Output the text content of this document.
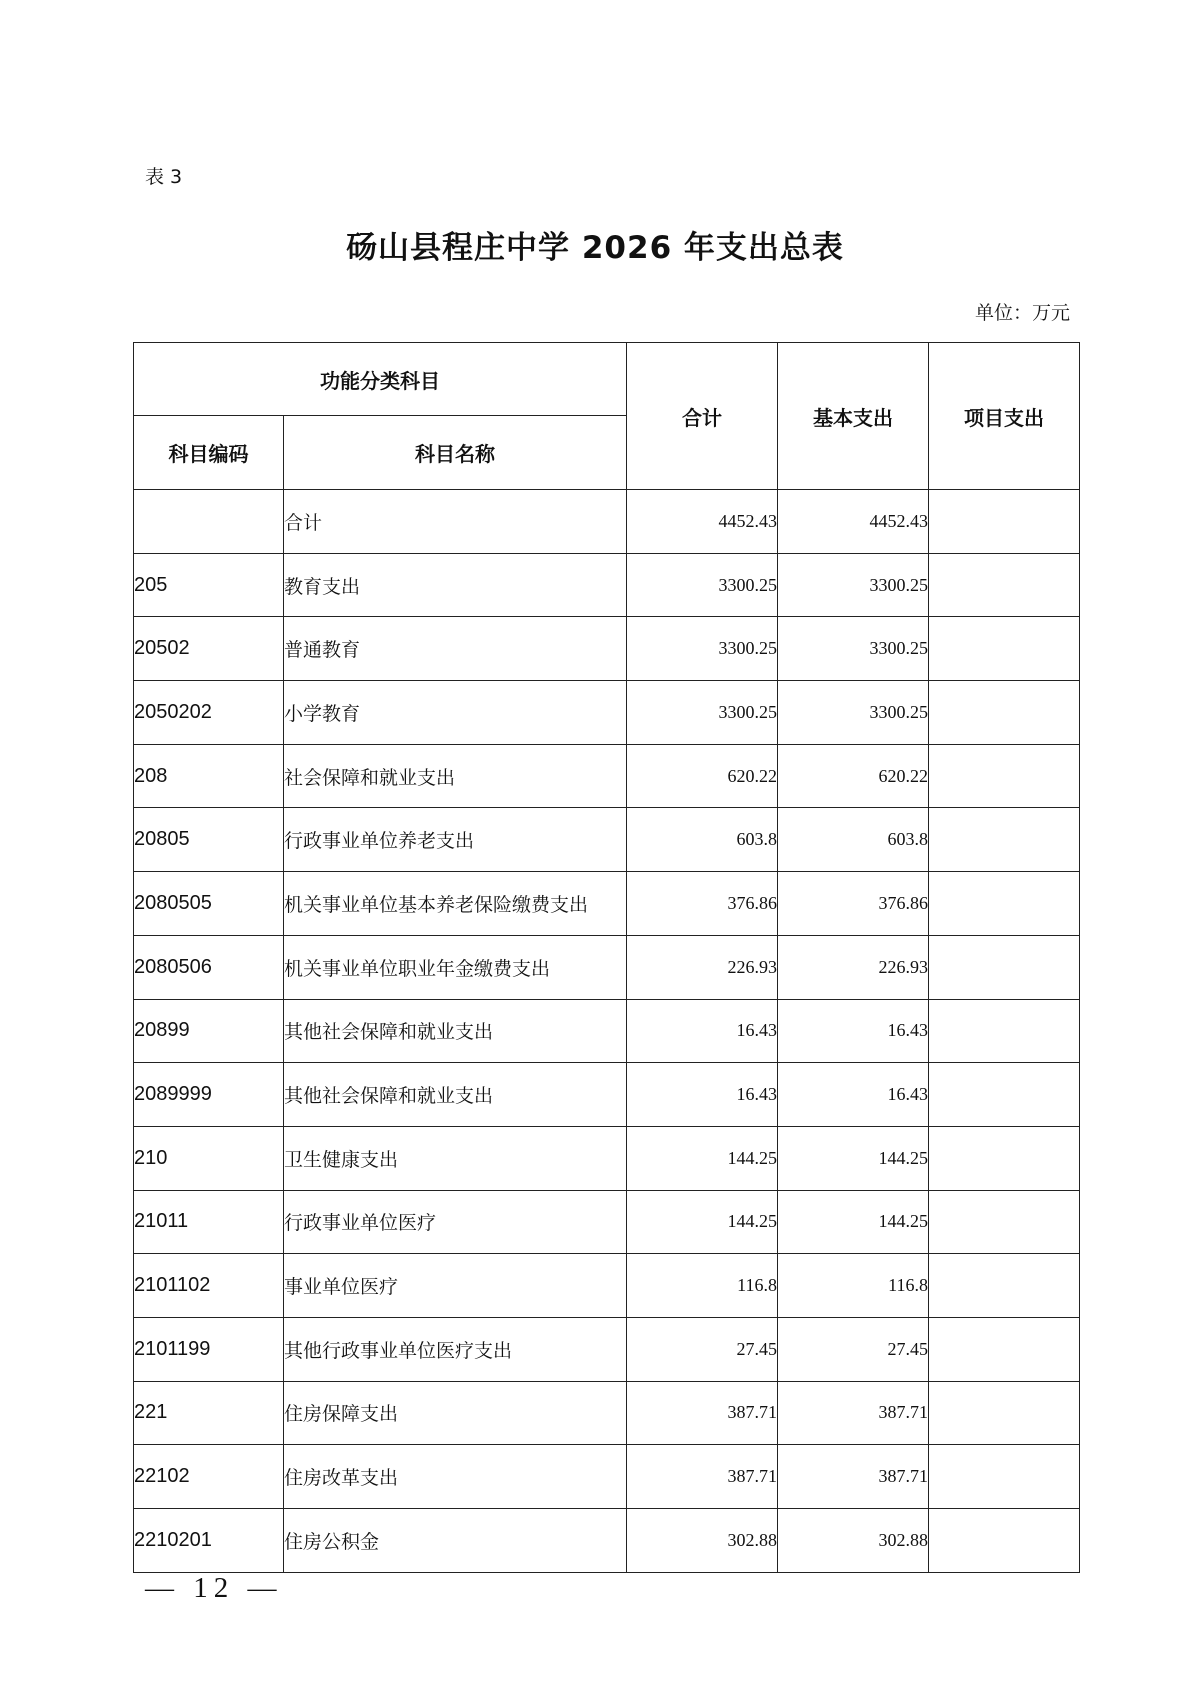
表 3
砀山县程庄中学 2026 年支出总表
单位：万元
功能分类科目		合计	基本支出	项目支出
科目编码	科目名称			
	合计	4452.43	4452.43	
205	教育支出	3300.25	3300.25	
20502	普通教育	3300.25	3300.25	
2050202	小学教育	3300.25	3300.25	
208	社会保障和就业支出	620.22	620.22	
20805	行政事业单位养老支出	603.8	603.8	
2080505	机关事业单位基本养老保险缴费支出	376.86	376.86	
2080506	机关事业单位职业年金缴费支出	226.93	226.93	
20899	其他社会保障和就业支出	16.43	16.43	
2089999	其他社会保障和就业支出	16.43	16.43	
210	卫生健康支出	144.25	144.25	
21011	行政事业单位医疗	144.25	144.25	
2101102	事业单位医疗	116.8	116.8	
2101199	其他行政事业单位医疗支出	27.45	27.45	
221	住房保障支出	387.71	387.71	
22102	住房改革支出	387.71	387.71	
2210201	住房公积金	302.88	302.88	
— 12 —
